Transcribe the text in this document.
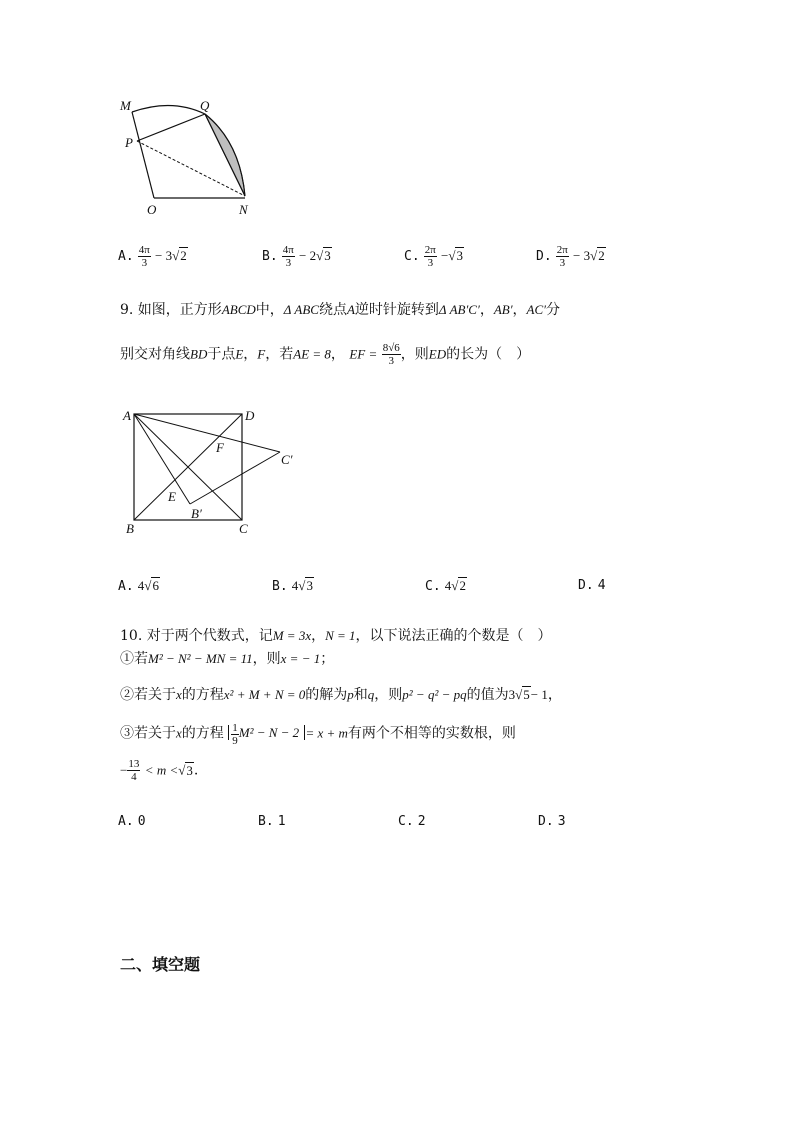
M	Q
P
O	N
A. $\frac{4\pi}{3} - 3√2$	B. $\frac{4\pi}{3} - 2√3$	C. $\frac{2\pi}{3} -√3$	D. $\frac{2\pi}{3} - 3√2$
9. 如图，正方形ABCD中，Δ ABC绕点A逆时针旋转到Δ AB′C′，AB′，AC′分
别交对角线BD于点E，F，若AE = 8， EF = $\frac{8√6}{3}$ ，则ED的长为（　）
A	D
F
C′
E
B′
B	C
A. 4√6	B. 4√3	C. 4√2	D. 4
10. 对于两个代数式，记M = 3x，N = 1，以下说法正确的个数是（　）
①若M² − N² − MN = 11，则x = − 1；
②若关于x的方程x² + M + N = 0的解为p和q，则p² − q² − pq的值为3√5− 1，
③若关于x的方程 $\frac{1}{9} M^2 - N - 2 = x + m$有两个不相等的实数根，则
− $\frac{13}{4} < m <√3$.
A. 0	B. 1	C. 2	D. 3
二、填空题
